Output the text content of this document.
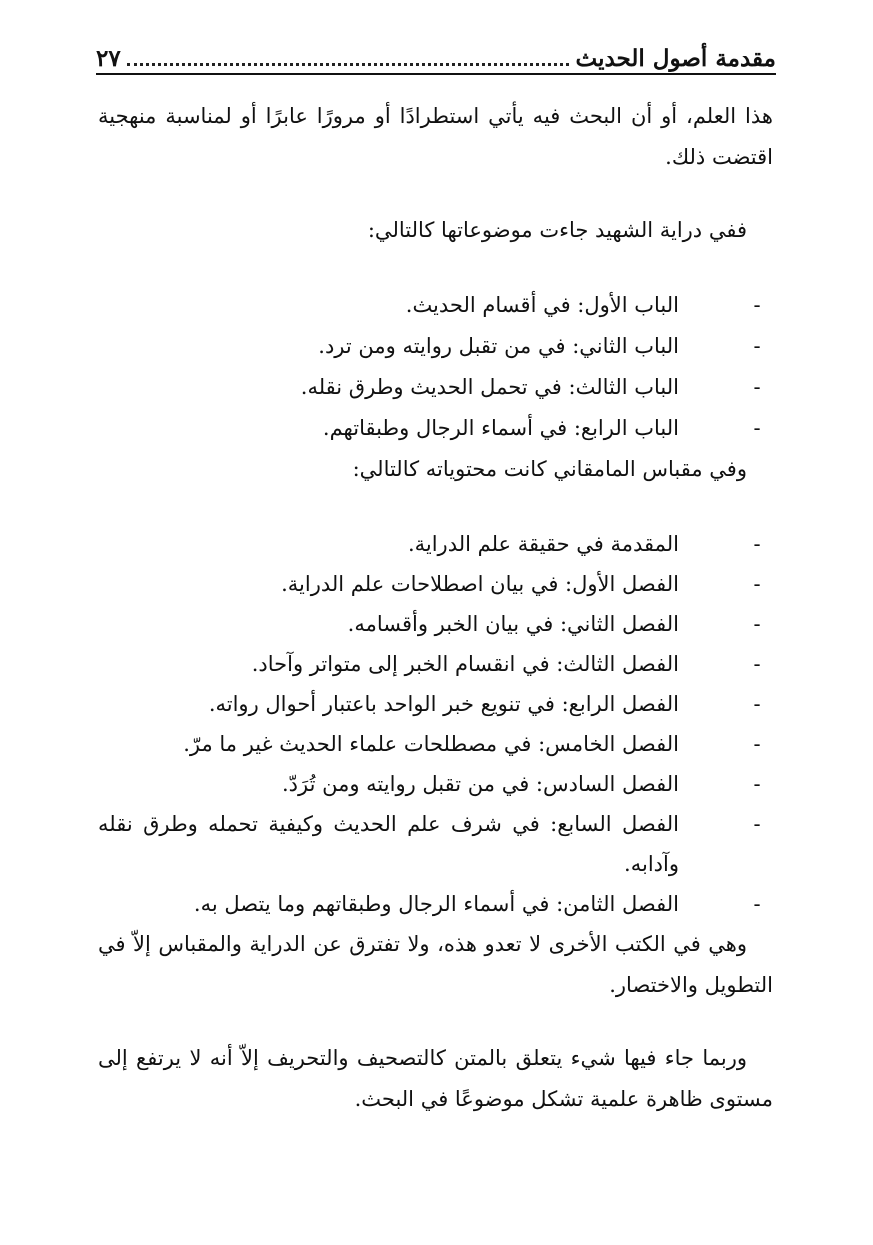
مقدمة أصول الحديث
٢٧

هذا العلم، أو أن البحث فيه يأتي استطرادًا أو مرورًا عابرًا أو لمناسبة منهجية اقتضت ذلك.

ففي دراية الشهيد جاءت موضوعاتها كالتالي:

-
الباب الأول: في أقسام الحديث.
-
الباب الثاني: في من تقبل روايته ومن ترد.
-
الباب الثالث: في تحمل الحديث وطرق نقله.
-
الباب الرابع: في أسماء الرجال وطبقاتهم.

وفي مقباس المامقاني كانت محتوياته كالتالي:

-
المقدمة في حقيقة علم الدراية.
-
الفصل الأول: في بيان اصطلاحات علم الدراية.
-
الفصل الثاني: في بيان الخبر وأقسامه.
-
الفصل الثالث: في انقسام الخبر إلى متواتر وآحاد.
-
الفصل الرابع: في تنويع خبر الواحد باعتبار أحوال رواته.
-
الفصل الخامس: في مصطلحات علماء الحديث غير ما مرّ.
-
الفصل السادس: في من تقبل روايته ومن تُرَدّ.
-
الفصل السابع: في شرف علم الحديث وكيفية تحمله وطرق نقله وآدابه.
-
الفصل الثامن: في أسماء الرجال وطبقاتهم وما يتصل به.

وهي في الكتب الأخرى لا تعدو هذه، ولا تفترق عن الدراية والمقباس إلاّ في التطويل والاختصار.

وربما جاء فيها شيء يتعلق بالمتن كالتصحيف والتحريف إلاّ أنه لا يرتفع إلى مستوى ظاهرة علمية تشكل موضوعًا في البحث.
